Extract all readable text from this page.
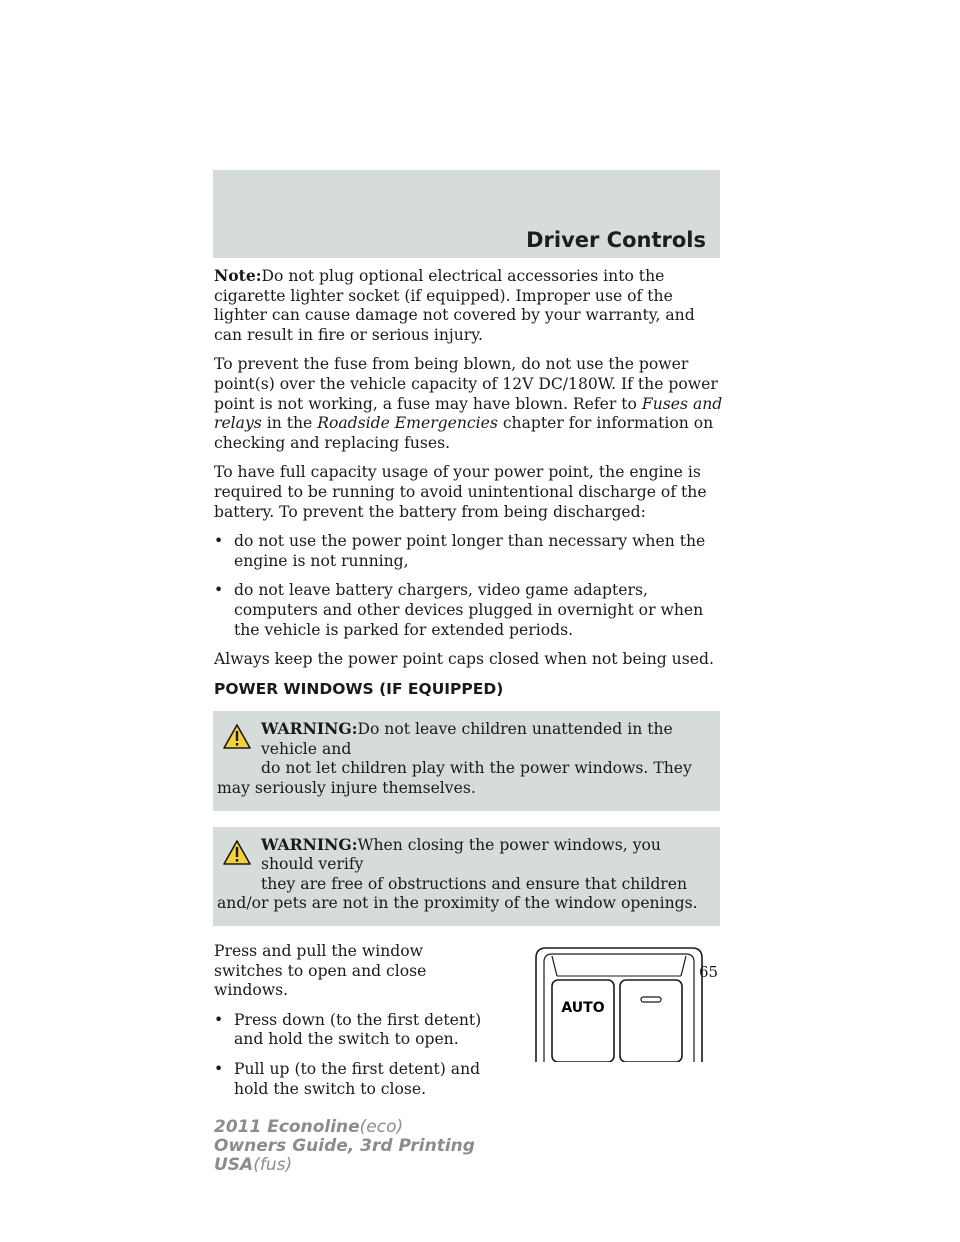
Driver Controls

Note:Do not plug optional electrical accessories into the cigarette lighter socket (if equipped). Improper use of the lighter can cause damage not covered by your warranty, and can result in fire or serious injury.

To prevent the fuse from being blown, do not use the power point(s) over the vehicle capacity of 12V DC/180W. If the power point is not working, a fuse may have blown. Refer to Fuses and relays in the Roadside Emergencies chapter for information on checking and replacing fuses.

To have full capacity usage of your power point, the engine is required to be running to avoid unintentional discharge of the battery. To prevent the battery from being discharged:

• do not use the power point longer than necessary when the engine is not running,
• do not leave battery chargers, video game adapters, computers and other devices plugged in overnight or when the vehicle is parked for extended periods.

Always keep the power point caps closed when not being used.

POWER WINDOWS (IF EQUIPPED)
WARNING:Do not leave children unattended in the vehicle and
do not let children play with the power windows. They may seriously injure themselves.
WARNING:When closing the power windows, you should verify
they are free of obstructions and ensure that children and/or pets are not in the proximity of the window openings.

Press and pull the window switches to open and close windows.

• Press down (to the first detent) and hold the switch to open.
• Pull up (to the first detent) and hold the switch to close.
AUTO
65
2011 Econoline(eco)
Owners Guide, 3rd Printing
USA(fus)
